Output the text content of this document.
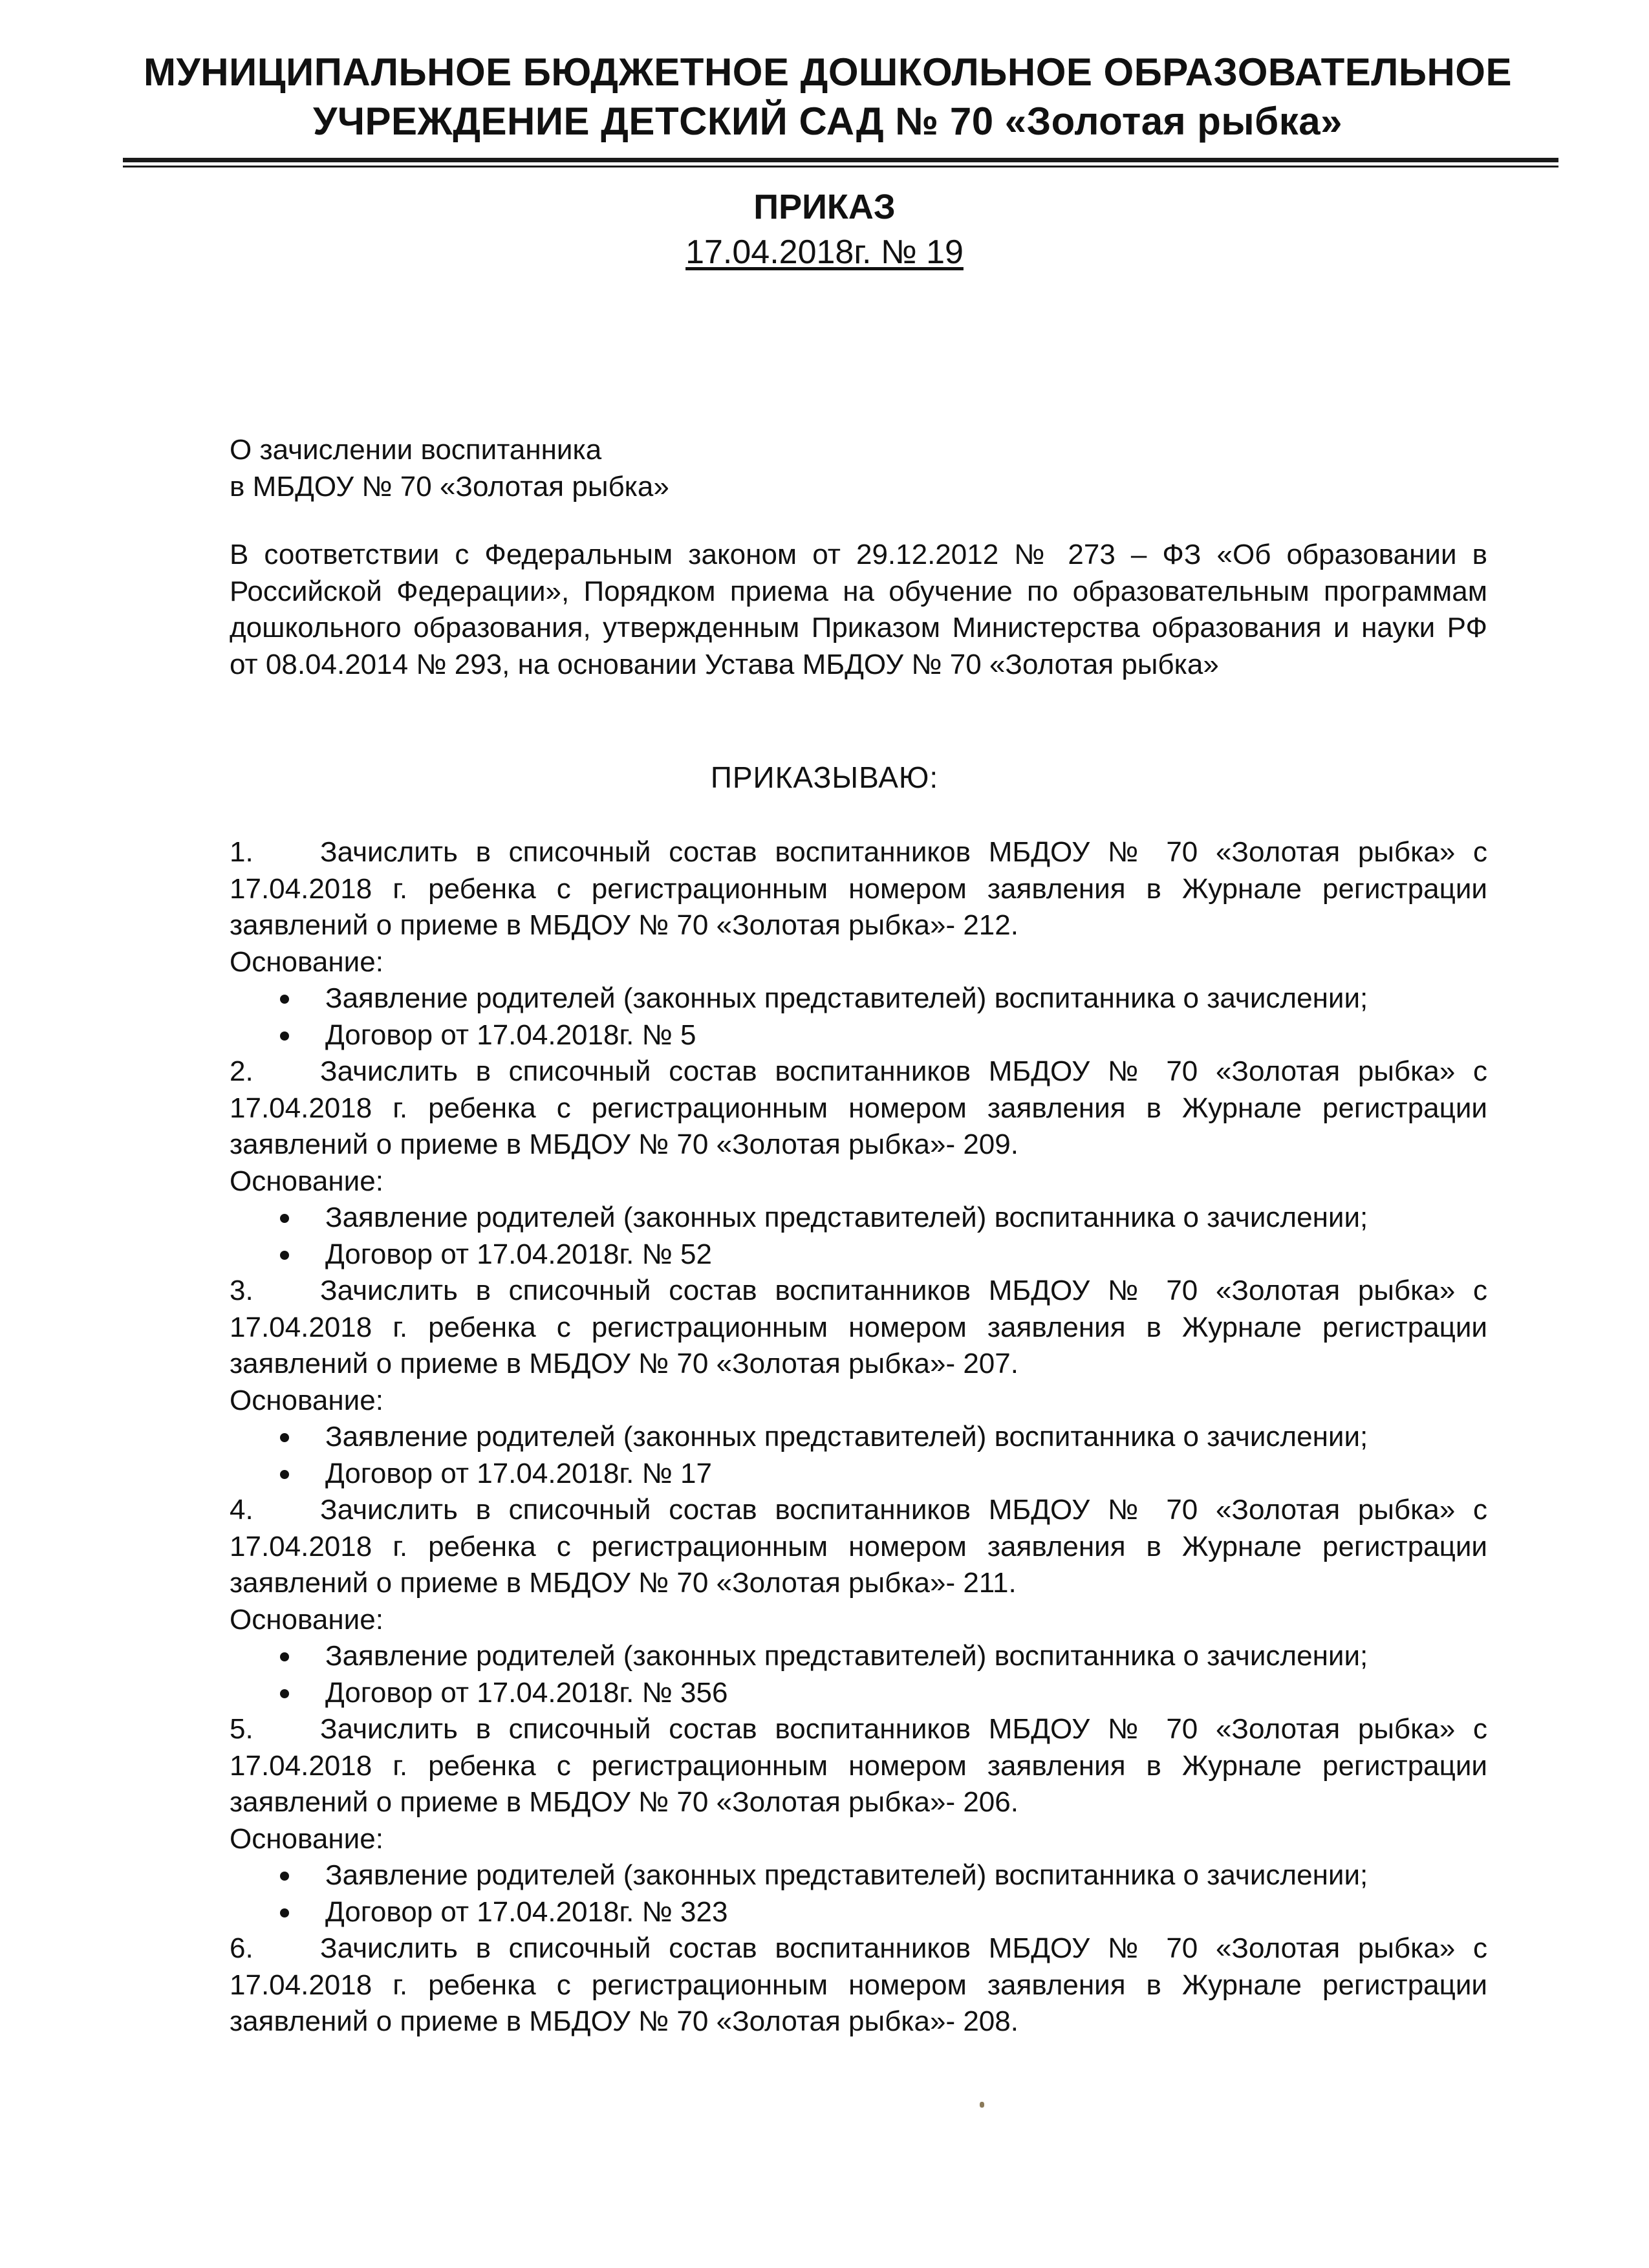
МУНИЦИПАЛЬНОЕ БЮДЖЕТНОЕ ДОШКОЛЬНОЕ ОБРАЗОВАТЕЛЬНОЕ
УЧРЕЖДЕНИЕ ДЕТСКИЙ САД № 70 «Золотая рыбка»
ПРИКАЗ
17.04.2018г. № 19
О зачислении воспитанника
в МБДОУ № 70 «Золотая рыбка»
В соответствии с Федеральным законом от 29.12.2012 № 273 – ФЗ «Об образовании в Российской Федерации», Порядком приема на обучение по образовательным программам дошкольного образования, утвержденным Приказом Министерства образования и науки РФ от 08.04.2014 № 293, на основании Устава МБДОУ № 70 «Золотая рыбка»
ПРИКАЗЫВАЮ:
1. Зачислить в списочный состав воспитанников МБДОУ № 70 «Золотая рыбка» с 17.04.2018 г. ребенка с регистрационным номером заявления в Журнале регистрации заявлений о приеме в МБДОУ № 70 «Золотая рыбка»- 212.
Основание:
Заявление родителей (законных представителей) воспитанника о зачислении;
Договор от 17.04.2018г. № 5
2. Зачислить в списочный состав воспитанников МБДОУ № 70 «Золотая рыбка» с 17.04.2018 г. ребенка с регистрационным номером заявления в Журнале регистрации заявлений о приеме в МБДОУ № 70 «Золотая рыбка»- 209.
Основание:
Заявление родителей (законных представителей) воспитанника о зачислении;
Договор от 17.04.2018г. № 52
3. Зачислить в списочный состав воспитанников МБДОУ № 70 «Золотая рыбка» с 17.04.2018 г. ребенка с регистрационным номером заявления в Журнале регистрации заявлений о приеме в МБДОУ № 70 «Золотая рыбка»- 207.
Основание:
Заявление родителей (законных представителей) воспитанника о зачислении;
Договор от 17.04.2018г. № 17
4. Зачислить в списочный состав воспитанников МБДОУ № 70 «Золотая рыбка» с 17.04.2018 г. ребенка с регистрационным номером заявления в Журнале регистрации заявлений о приеме в МБДОУ № 70 «Золотая рыбка»- 211.
Основание:
Заявление родителей (законных представителей) воспитанника о зачислении;
Договор от 17.04.2018г. № 356
5. Зачислить в списочный состав воспитанников МБДОУ № 70 «Золотая рыбка» с 17.04.2018 г. ребенка с регистрационным номером заявления в Журнале регистрации заявлений о приеме в МБДОУ № 70 «Золотая рыбка»- 206.
Основание:
Заявление родителей (законных представителей) воспитанника о зачислении;
Договор от 17.04.2018г. № 323
6. Зачислить в списочный состав воспитанников МБДОУ № 70 «Золотая рыбка» с 17.04.2018 г. ребенка с регистрационным номером заявления в Журнале регистрации заявлений о приеме в МБДОУ № 70 «Золотая рыбка»- 208.
